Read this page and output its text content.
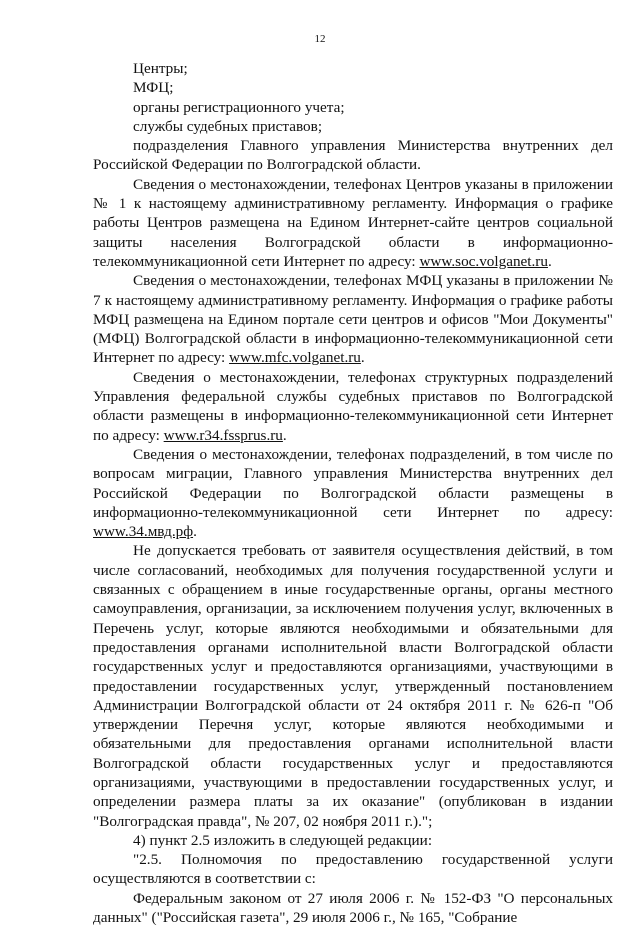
12

Центры;

МФЦ;

органы регистрационного учета;

службы судебных приставов;

подразделения Главного управления Министерства внутренних дел Российской Федерации по Волгоградской области.

Сведения о местонахождении, телефонах Центров указаны в приложении № 1 к настоящему административному регламенту. Информация о графике работы Центров размещена на Едином Интернет-сайте центров социальной защиты населения Волгоградской области в информационно-телекоммуникационной сети Интернет по адресу: www.soc.volganet.ru.

Сведения о местонахождении, телефонах МФЦ указаны в приложении № 7 к настоящему административному регламенту. Информация о графике работы МФЦ размещена на Едином портале сети центров и офисов "Мои Документы" (МФЦ) Волгоградской области в информационно-телекоммуникационной сети Интернет по адресу: www.mfc.volganet.ru.

Сведения о местонахождении, телефонах структурных подразделений Управления федеральной службы судебных приставов по Волгоградской области размещены в информационно-телекоммуникационной сети Интернет по адресу: www.r34.fssprus.ru.

Сведения о местонахождении, телефонах подразделений, в том числе по вопросам миграции, Главного управления Министерства внутренних дел Российской Федерации по Волгоградской области размещены в информационно-телекоммуникационной сети Интернет по адресу: www.34.мвд.рф.

Не допускается требовать от заявителя осуществления действий, в том числе согласований, необходимых для получения государственной услуги и связанных с обращением в иные государственные органы, органы местного самоуправления, организации, за исключением получения услуг, включенных в Перечень услуг, которые являются необходимыми и обязательными для предоставления органами исполнительной власти Волгоградской области государственных услуг и предоставляются организациями, участвующими в предоставлении государственных услуг, утвержденный постановлением Администрации Волгоградской области от 24 октября 2011 г. № 626-п "Об утверждении Перечня услуг, которые являются необходимыми и обязательными для предоставления органами исполнительной власти Волгоградской области государственных услуг и предоставляются организациями, участвующими в предоставлении государственных услуг, и определении размера платы за их оказание" (опубликован в издании "Волгоградская правда", № 207, 02 ноября 2011 г.).";

4) пункт 2.5 изложить в следующей редакции:

"2.5. Полномочия по предоставлению государственной услуги осуществляются в соответствии с:

Федеральным законом от 27 июля 2006 г. № 152-ФЗ "О персональных данных" ("Российская газета", 29 июля 2006 г., № 165, "Собрание
